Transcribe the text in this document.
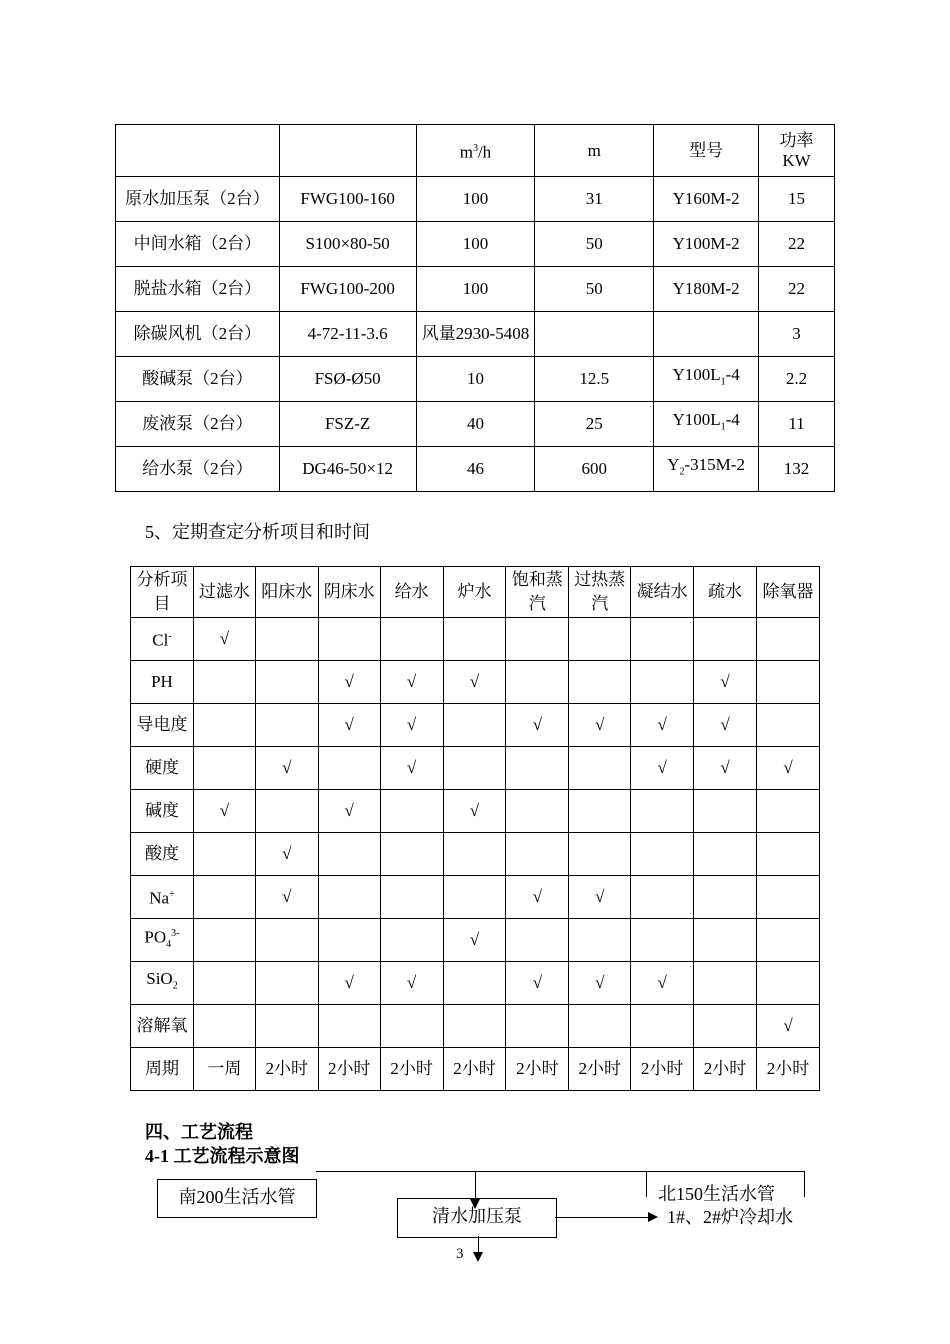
		$m^3/h$	m	型号	功率
KW

原水加压泵（2台）	FWG100-160	100	31	Y160M-2	15
中间水箱（2台）	S100×80-50	100	50	Y100M-2	22
脱盐水箱（2台）	FWG100-200	100	50	Y180M-2	22
除碳风机（2台）	4-72-11-3.6	风量2930-5408			3
酸碱泵（2台）	FSØ-Ø50	10	12.5	$Y100L_1-4$	2.2
废液泵（2台）	FSZ-Z	40	25	$Y100L_1-4$	11
给水泵（2台）	DG46-50×12	46	600	$Y_2-315M-2$	132
5、定期查定分析项目和时间
分析项目	过滤水	阳床水	阴床水	给水	炉水	饱和蒸汽	过热蒸汽	凝结水	疏水	除氧器
Cl-	√									

PH			√	√	√				√	

导电度			√	√		√	√	√	√	

硬度		√		√				√	√	√

碱度	√		√		√					

酸度		√								
Na+		√				√	√			
$PO_4^{3-}$					√					
SiO$_2$			√	√		√	√	√		

溶解氧										√
周期	一周	2小时	2小时	2小时	2小时	2小时	2小时	2小时	2小时	2小时
四、工艺流程
4-1 工艺流程示意图
南200生活水管
清水加压泵
北150生活水管
1#、2#炉冷却水
3
